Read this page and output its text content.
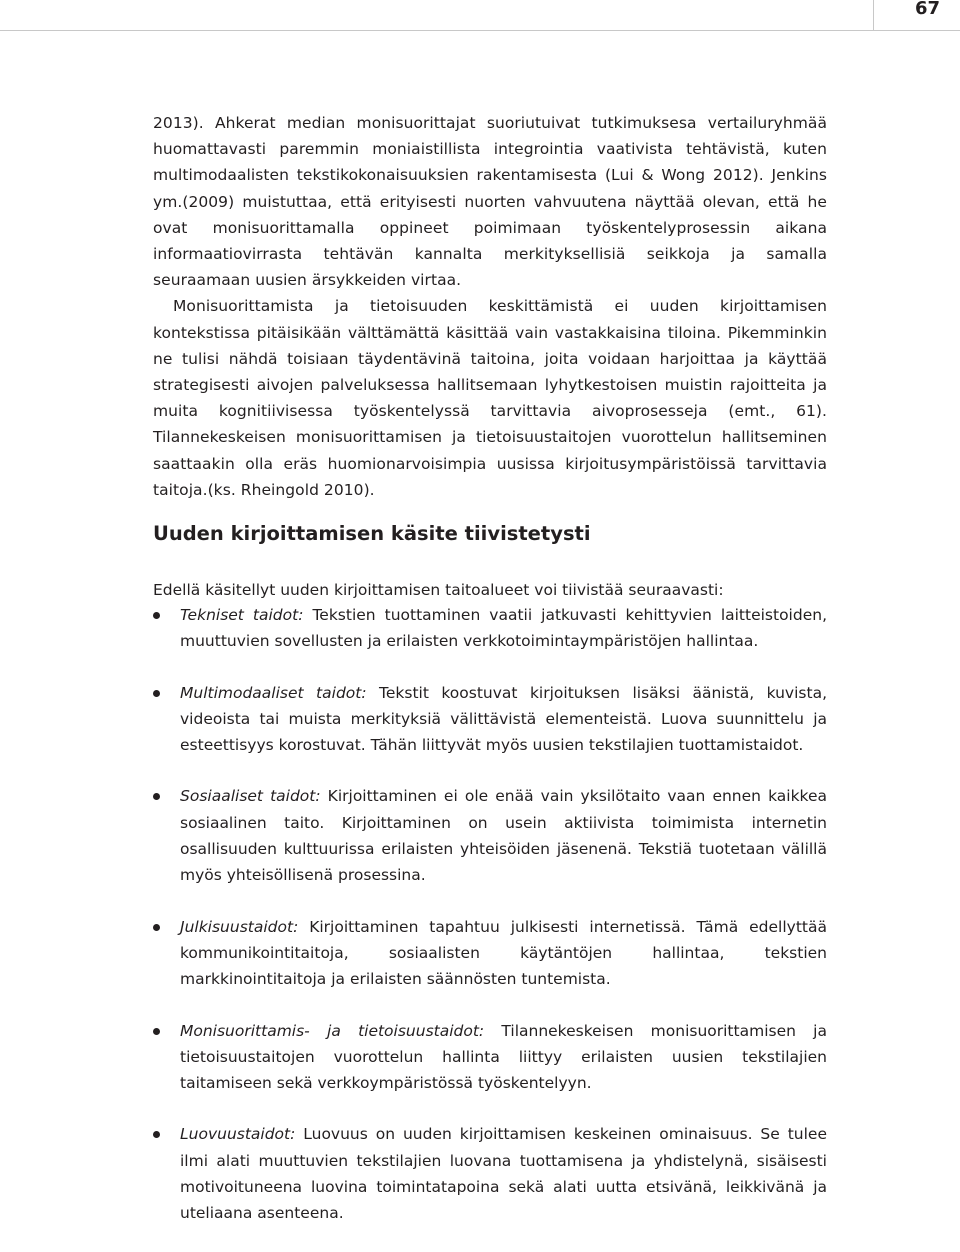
67

2013). Ahkerat median monisuorittajat suoriutuivat tutkimuksesa vertailuryhmää huomattavasti paremmin moniaistillista integrointia vaativista tehtävistä, kuten multimodaalisten tekstikokonaisuuksien rakentamisesta (Lui & Wong 2012). Jenkins ym.(2009) muistuttaa, että erityisesti nuorten vahvuutena näyttää olevan, että he ovat monisuorittamalla oppineet poimimaan työskentelyprosessin aikana informaatiovirrasta tehtävän kannalta merkityksellisiä seikkoja ja samalla seuraamaan uusien ärsykkeiden virtaa.

Monisuorittamista ja tietoisuuden keskittämistä ei uuden kirjoittamisen kontekstissa pitäisikään välttämättä käsittää vain vastakkaisina tiloina. Pikemminkin ne tulisi nähdä toisiaan täydentävinä taitoina, joita voidaan harjoittaa ja käyttää strategisesti aivojen palveluksessa hallitsemaan lyhytkestoisen muistin rajoitteita ja muita kognitiivisessa työskentelyssä tarvittavia aivoprosesseja (emt., 61). Tilannekeskeisen monisuorittamisen ja tietoisuustaitojen vuorottelun hallitseminen saattaakin olla eräs huomionarvoisimpia uusissa kirjoitusympäristöissä tarvittavia taitoja.(ks. Rheingold 2010).

Uuden kirjoittamisen käsite tiivistetysti

Edellä käsitellyt uuden kirjoittamisen taitoalueet voi tiivistää seuraavasti:

Tekniset taidot: Tekstien tuottaminen vaatii jatkuvasti kehittyvien laitteistoiden, muuttuvien sovellusten ja erilaisten verkkotoimintaympäristöjen hallintaa.
Multimodaaliset taidot: Tekstit koostuvat kirjoituksen lisäksi äänistä, kuvista, videoista tai muista merkityksiä välittävistä elementeistä. Luova suunnittelu ja esteettisyys korostuvat. Tähän liittyvät myös uusien tekstilajien tuottamistaidot.
Sosiaaliset taidot: Kirjoittaminen ei ole enää vain yksilötaito vaan ennen kaikkea sosiaalinen taito. Kirjoittaminen on usein aktiivista toimimista internetin osallisuuden kulttuurissa erilaisten yhteisöiden jäsenenä. Tekstiä tuotetaan välillä myös yhteisöllisenä prosessina.
Julkisuustaidot: Kirjoittaminen tapahtuu julkisesti internetissä. Tämä edellyttää kommunikointitaitoja, sosiaalisten käytäntöjen hallintaa, tekstien markkinointitaitoja ja erilaisten säännösten tuntemista.
Monisuorittamis- ja tietoisuustaidot: Tilannekeskeisen monisuorittamisen ja tietoisuustaitojen vuorottelun hallinta liittyy erilaisten uusien tekstilajien taitamiseen sekä verkkoympäristössä työskentelyyn.
Luovuustaidot: Luovuus on uuden kirjoittamisen keskeinen ominaisuus. Se tulee ilmi alati muuttuvien tekstilajien luovana tuottamisena ja yhdistelynä, sisäisesti motivoituneena luovina toimintatapoina sekä alati uutta etsivänä, leikkivänä ja uteliaana asenteena.
